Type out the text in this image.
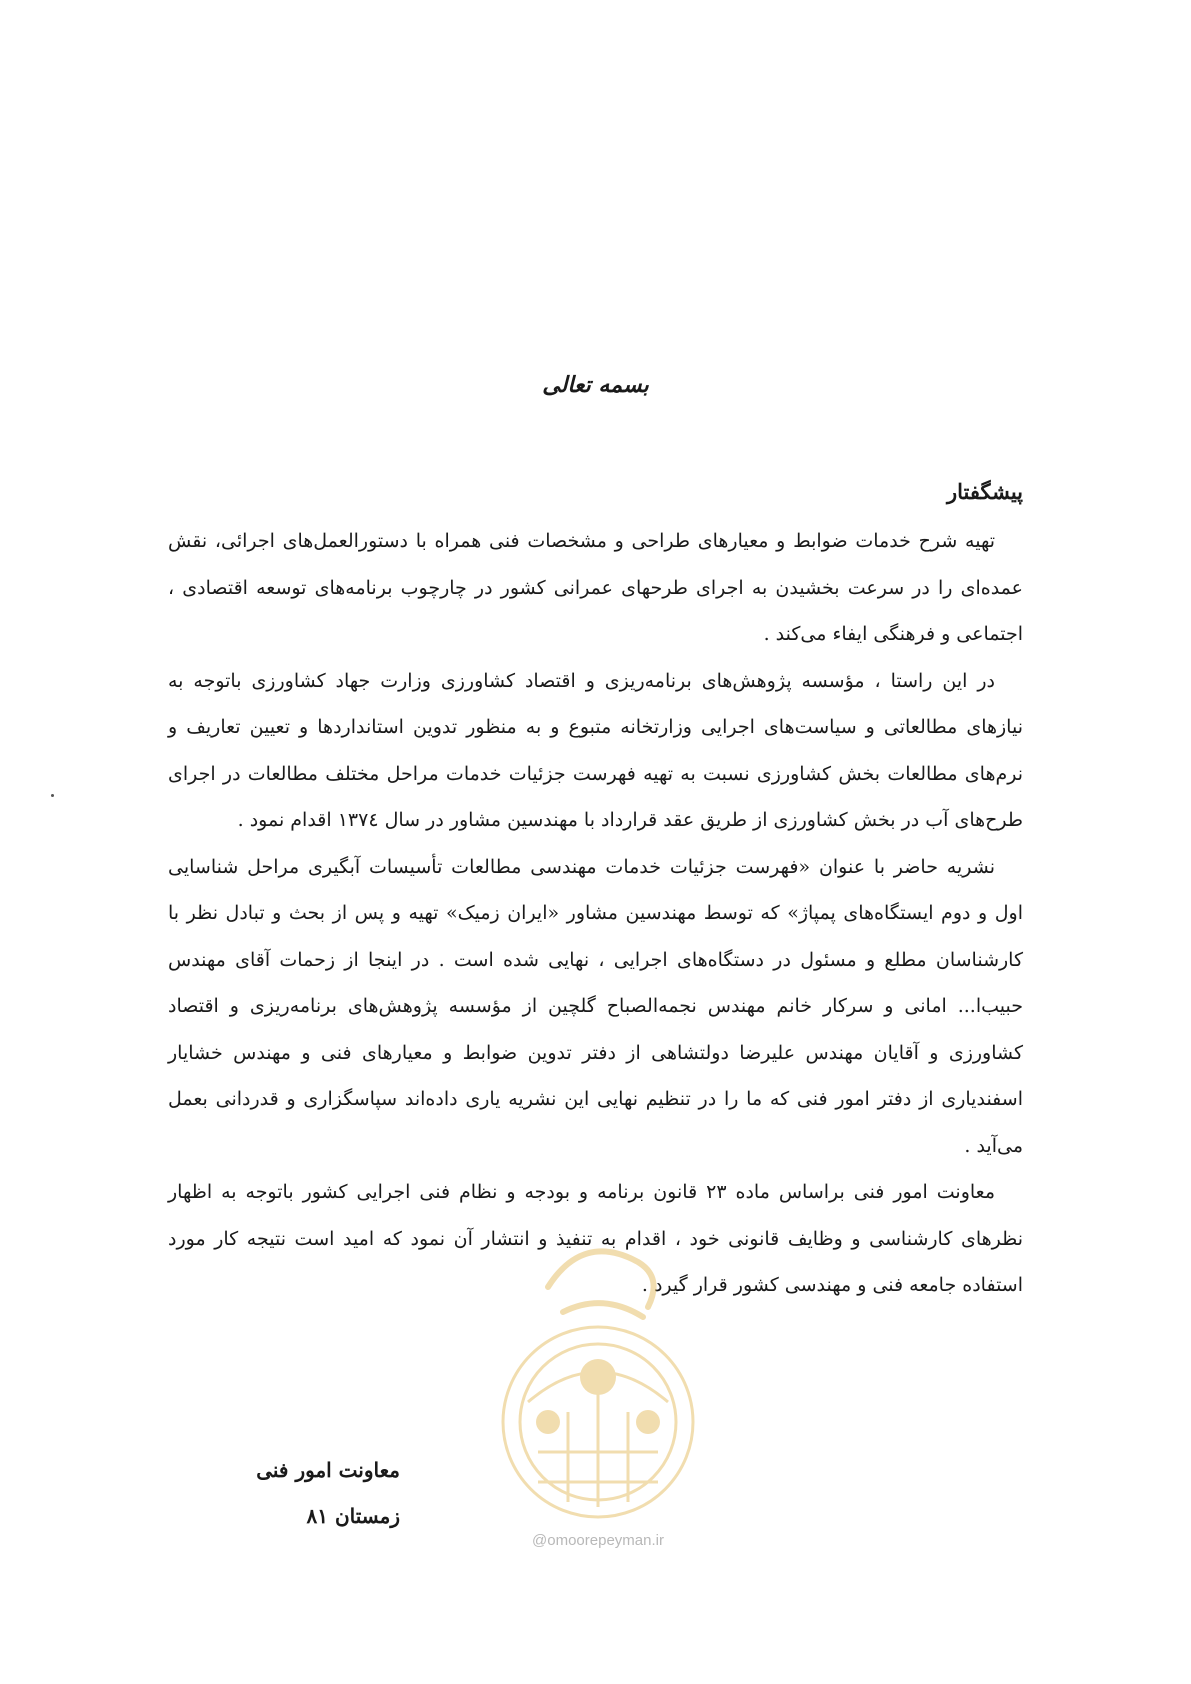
بسمه تعالی
پیشگفتار

تهیه شرح خدمات ضوابط و معیارهای طراحی و مشخصات فنی همراه با دستورالعمل‌های اجرائی، نقش عمده‌ای را در سرعت بخشیدن به اجرای طرحهای عمرانی کشور در چارچوب برنامه‌های توسعه اقتصادی ، اجتماعی و فرهنگی ایفاء می‌کند .

در این راستا ، مؤسسه پژوهش‌های برنامه‌ریزی و اقتصاد کشاورزی وزارت جهاد کشاورزی باتوجه به نیازهای مطالعاتی و سیاست‌های اجرایی وزارتخانه متبوع و به منظور تدوین استانداردها و تعیین تعاریف و نرم‌های مطالعات بخش کشاورزی نسبت به تهیه فهرست جزئیات خدمات مراحل مختلف مطالعات در اجرای طرح‌های آب در بخش کشاورزی از طریق عقد قرارداد با مهندسین مشاور در سال ۱۳۷٤ اقدام نمود .

نشریه حاضر با عنوان «فهرست جزئیات خدمات مهندسی مطالعات تأسیسات آبگیری مراحل شناسایی اول و دوم ایستگاه‌های پمپاژ» که توسط مهندسین مشاور «ایران زمیک» تهیه و پس از بحث و تبادل نظر با کارشناسان مطلع و مسئول در دستگاه‌های اجرایی ، نهایی شده است . در اینجا از زحمات آقای مهندس حبیب‌ا... امانی و سرکار خانم مهندس نجمه‌الصباح گلچین از مؤسسه پژوهش‌های برنامه‌ریزی و اقتصاد کشاورزی و آقایان مهندس علیرضا دولتشاهی از دفتر تدوین ضوابط و معیارهای فنی و مهندس خشایار اسفندیاری از دفتر امور فنی که ما را در تنظیم نهایی این نشریه یاری داده‌اند سپاسگزاری و قدردانی بعمل می‌آید .

معاونت امور فنی براساس ماده ۲۳ قانون برنامه و بودجه و نظام فنی اجرایی کشور باتوجه به اظهار نظرهای کارشناسی و وظایف قانونی خود ، اقدام به تنفیذ و انتشار آن نمود که امید است نتیجه کار مورد استفاده جامعه فنی و مهندسی کشور قرار گیرد .

معاونت امور فنی
زمستان ۸۱
@omoorepeyman.ir
